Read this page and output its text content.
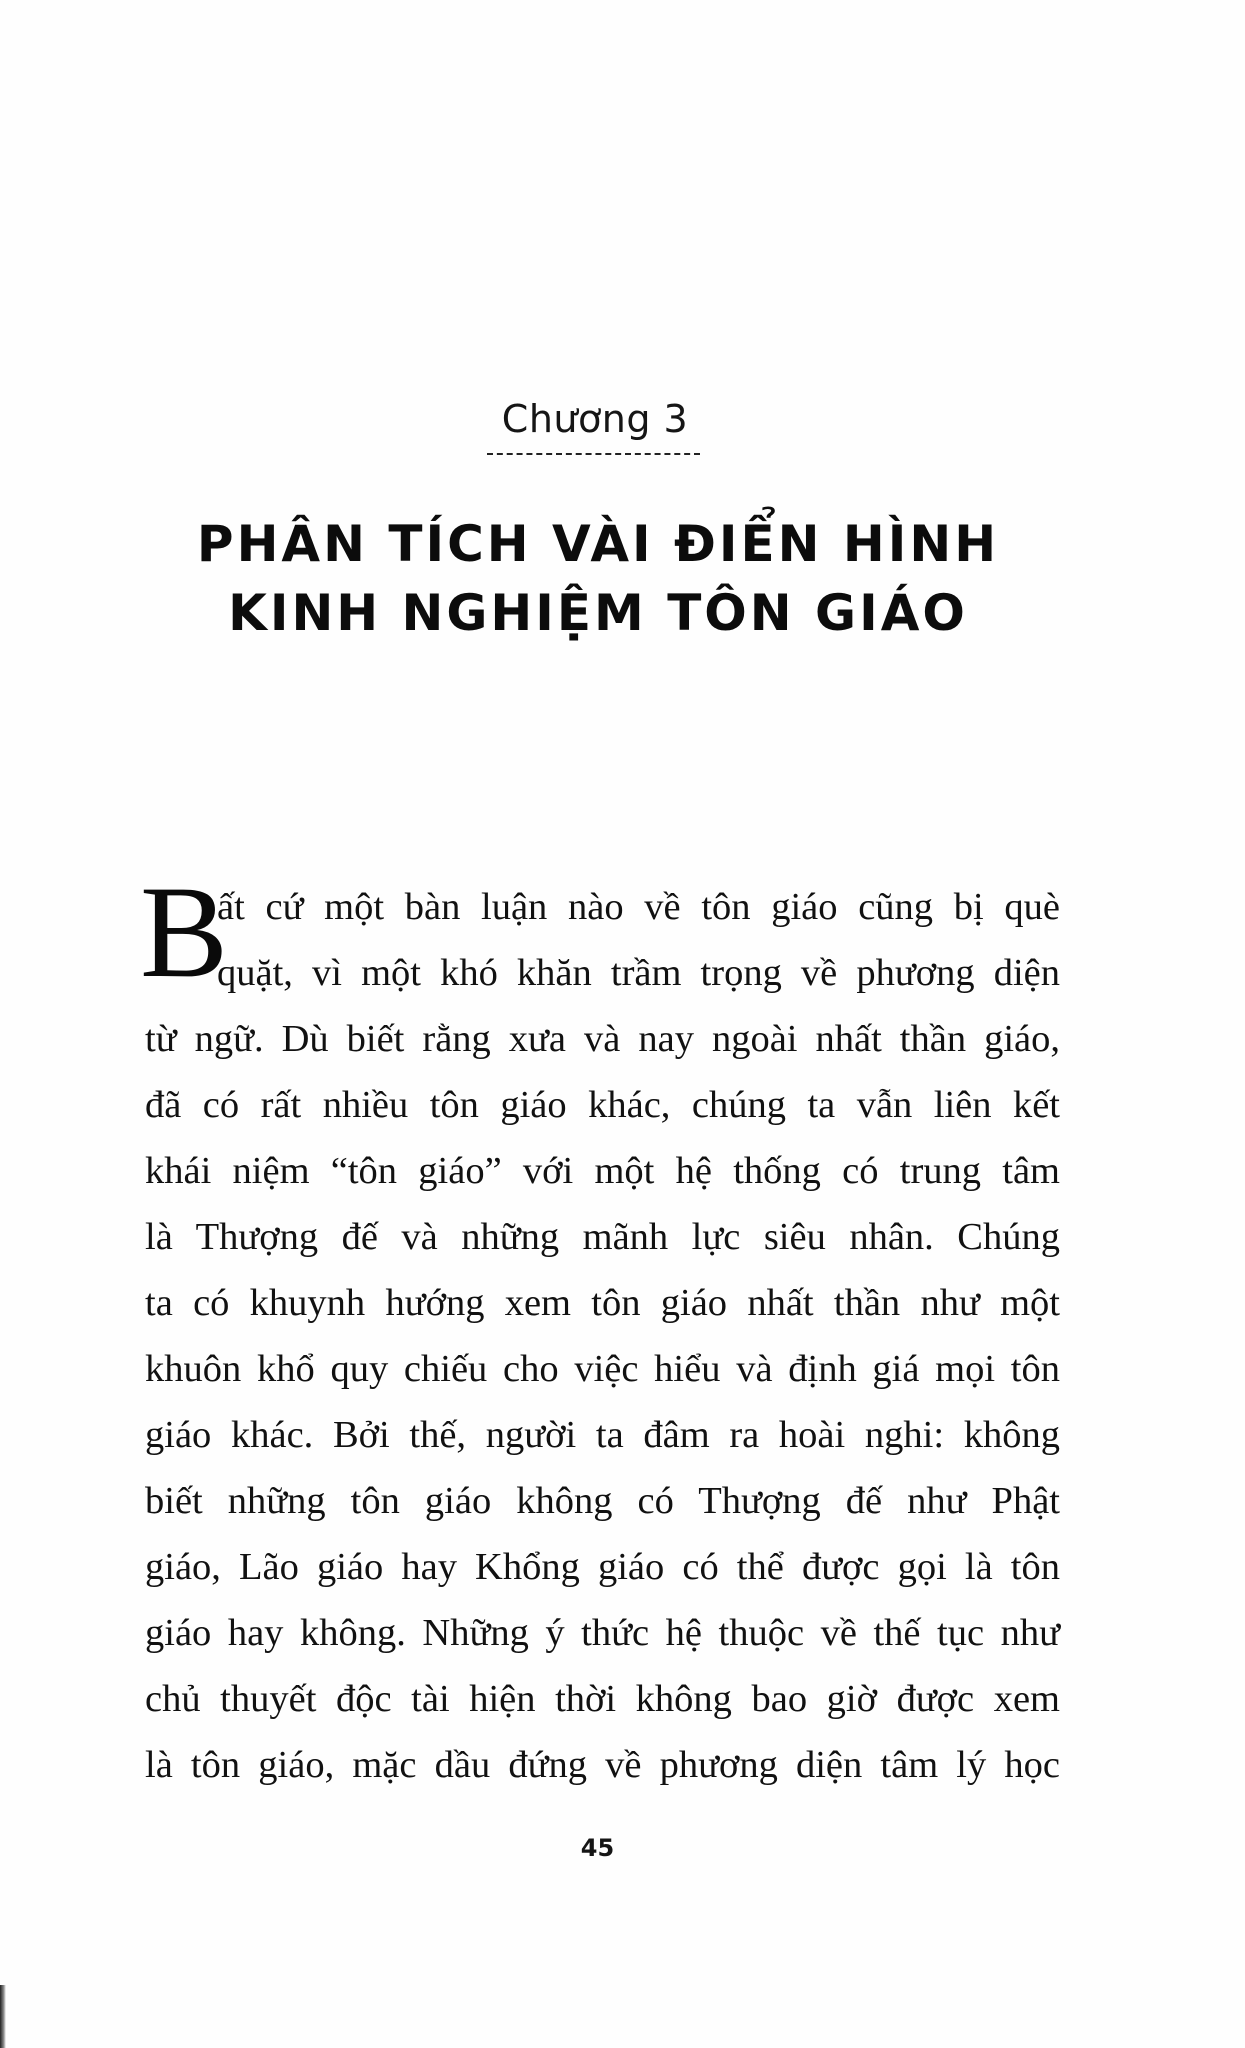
Chương 3
PHÂN TÍCH VÀI ĐIỂN HÌNH
KINH NGHIỆM TÔN GIÁO
B
ất cứ một bàn luận nào về tôn giáo cũng bị què
quặt, vì một khó khăn trầm trọng về phương diện
từ ngữ. Dù biết rằng xưa và nay ngoài nhất thần giáo,
đã có rất nhiều tôn giáo khác, chúng ta vẫn liên kết
khái niệm “tôn giáo” với một hệ thống có trung tâm
là Thượng đế và những mãnh lực siêu nhân. Chúng
ta có khuynh hướng xem tôn giáo nhất thần như một
khuôn khổ quy chiếu cho việc hiểu và định giá mọi tôn
giáo khác. Bởi thế, người ta đâm ra hoài nghi: không
biết những tôn giáo không có Thượng đế như Phật
giáo, Lão giáo hay Khổng giáo có thể được gọi là tôn
giáo hay không. Những ý thức hệ thuộc về thế tục như
chủ thuyết độc tài hiện thời không bao giờ được xem
là tôn giáo, mặc dầu đứng về phương diện tâm lý học
45
